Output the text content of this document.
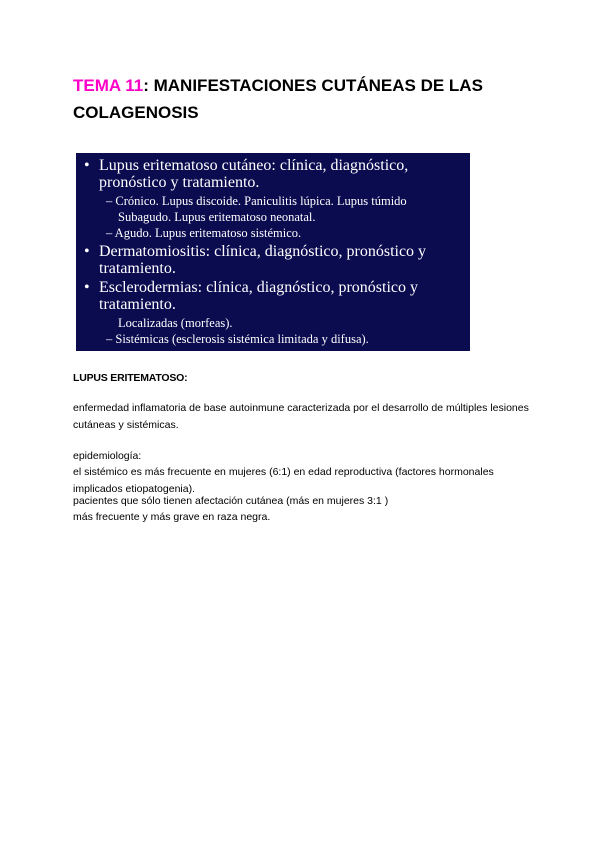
TEMA 11: MANIFESTACIONES CUTÁNEAS DE LAS COLAGENOSIS
• Lupus eritematoso cutáneo: clínica, diagnóstico, pronóstico y tratamiento.
– Crónico. Lupus discoide. Paniculitis lúpica. Lupus túmido
Subagudo. Lupus eritematoso neonatal.
– Agudo. Lupus eritematoso sistémico.
• Dermatomiositis: clínica, diagnóstico, pronóstico y tratamiento.
• Esclerodermias: clínica, diagnóstico, pronóstico y tratamiento.
Localizadas (morfeas).
– Sistémicas (esclerosis sistémica limitada y difusa).
LUPUS ERITEMATOSO:
enfermedad inflamatoria de base autoinmune caracterizada por el desarrollo de múltiples lesiones cutáneas y sistémicas.
epidemiología:
el sistémico es más frecuente en mujeres (6:1) en edad reproductiva (factores hormonales implicados etiopatogenia).
pacientes que sólo tienen afectación cutánea (más en mujeres 3:1 )
más frecuente y más grave en raza negra.
